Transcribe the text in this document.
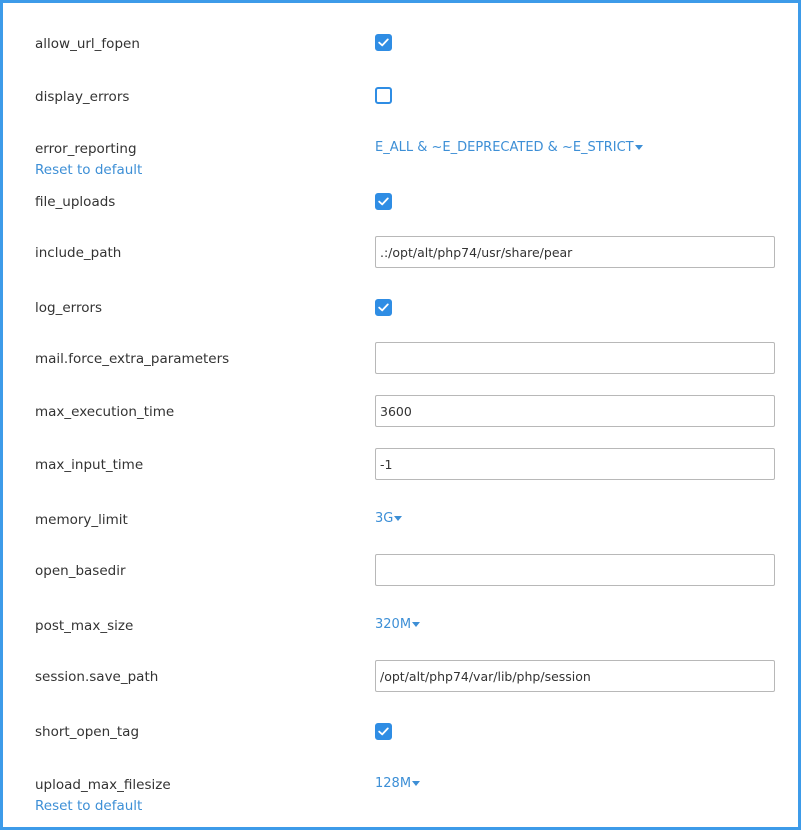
allow_url_fopen
display_errors
error_reporting
Reset to default
E_ALL & ~E_DEPRECATED & ~E_STRICT
file_uploads
include_path
.:/opt/alt/php74/usr/share/pear
log_errors
mail.force_extra_parameters
max_execution_time
3600
max_input_time
-1
memory_limit	3G
open_basedir
post_max_size	320M
session.save_path
/opt/alt/php74/var/lib/php/session
short_open_tag
upload_max_filesize
Reset to default
128M
